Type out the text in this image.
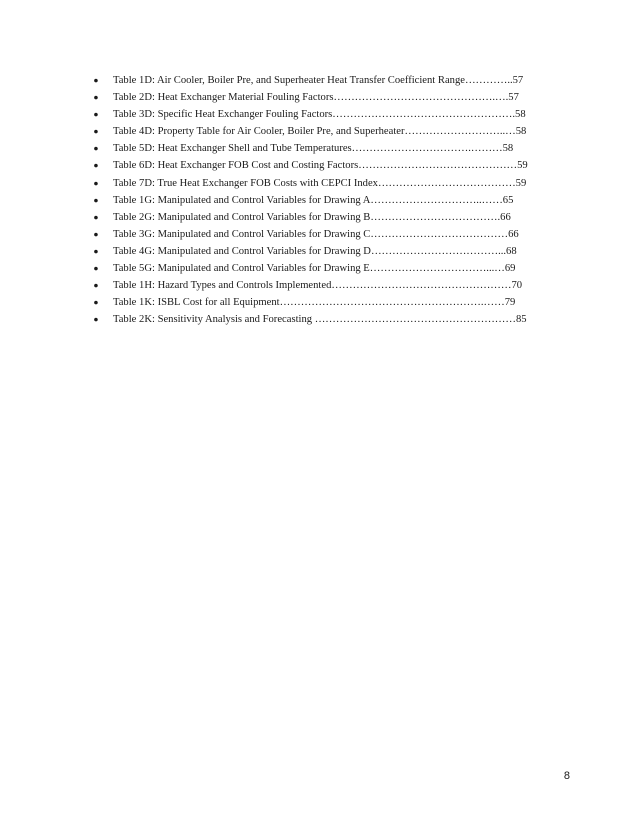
● Table 1D: Air Cooler, Boiler Pre, and Superheater Heat Transfer Coefficient Range…………..57
● Table 2D: Heat Exchanger Material Fouling Factors……………………………………….….57
● Table 3D: Specific Heat Exchanger Fouling Factors…………………………………………….58
● Table 4D: Property Table for Air Cooler, Boiler Pre, and Superheater………………………..…58
● Table 5D: Heat Exchanger Shell and Tube Temperatures…………………………….………58
● Table 6D: Heat Exchanger FOB Cost and Costing Factors………………………………………59
● Table 7D: True Heat Exchanger FOB Costs with CEPCI Index…………………………………59
● Table 1G: Manipulated and Control Variables for Drawing A…………………………..……65
● Table 2G: Manipulated and Control Variables for Drawing B……………………………….66
● Table 3G: Manipulated and Control Variables for Drawing C…………………………………66
● Table 4G: Manipulated and Control Variables for Drawing D………………………………...68
● Table 5G: Manipulated and Control Variables for Drawing E……………………………...…69
● Table 1H: Hazard Types and Controls Implemented……………………………………………70
● Table 1K: ISBL Cost for all Equipment………………………………………………….……79
● Table 2K: Sensitivity Analysis and Forecasting …………………………………………………85
8
